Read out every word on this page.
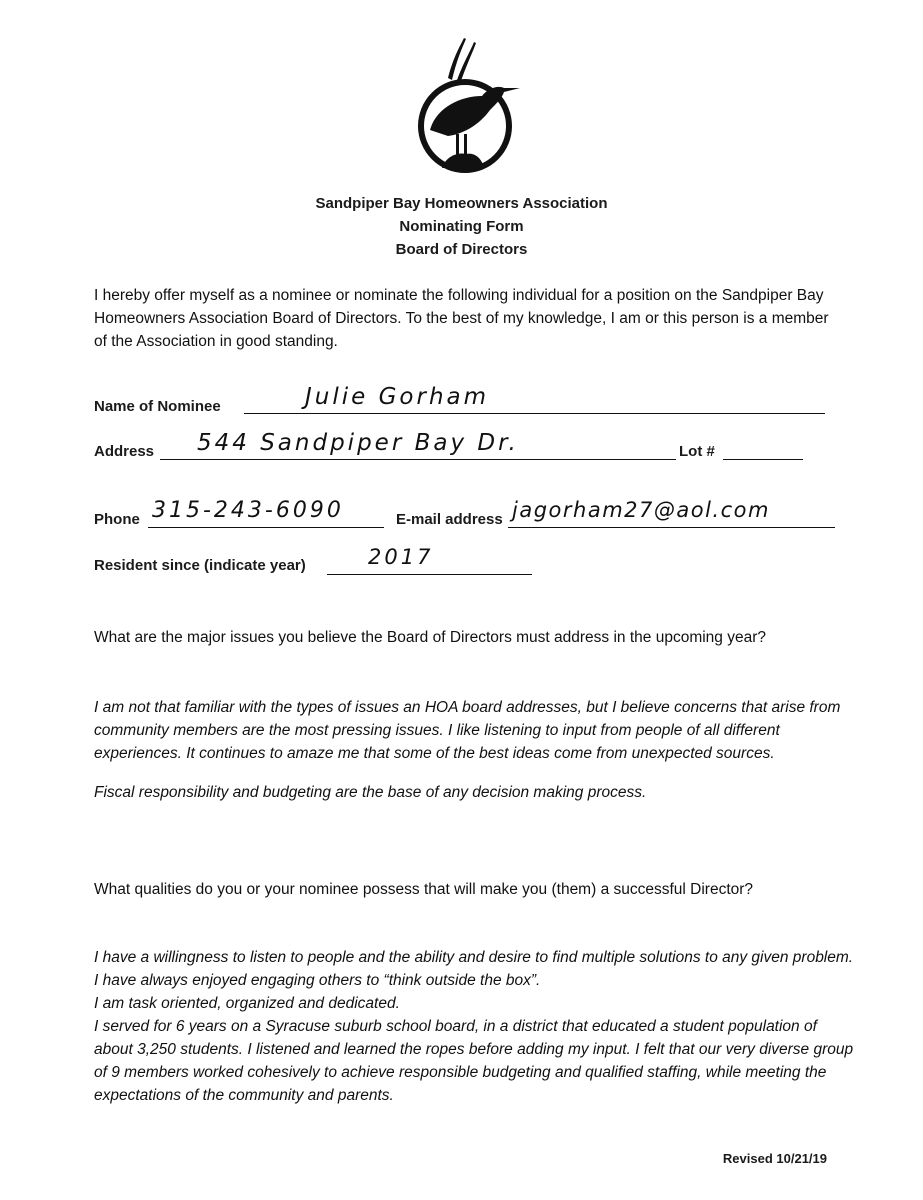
Sandpiper Bay Homeowners Association
Nominating Form
Board of Directors
I hereby offer myself as a nominee or nominate the following individual for a position on the Sandpiper Bay Homeowners Association Board of Directors. To the best of my knowledge, I am or this person is a member of the Association in good standing.
Name of Nominee	Julie Gorham
Address 544 Sandpiper Bay Dr.	Lot #
Phone 315-243-6090	E-mail address jagorham27@aol.com
Resident since (indicate year)	2017
What are the major issues you believe the Board of Directors must address in the upcoming year?

I am not that familiar with the types of issues an HOA board addresses, but I believe concerns that arise from community members are the most pressing issues. I like listening to input from people of all different experiences. It continues to amaze me that some of the best ideas come from unexpected sources.

Fiscal responsibility and budgeting are the base of any decision making process.

What qualities do you or your nominee possess that will make you (them) a successful Director?

I have a willingness to listen to people and the ability and desire to find multiple solutions to any given problem. I have always enjoyed engaging others to “think outside the box”.

I am task oriented, organized and dedicated.

I served for 6 years on a Syracuse suburb school board, in a district that educated a student population of about 3,250 students. I listened and learned the ropes before adding my input. I felt that our very diverse group of 9 members worked cohesively to achieve responsible budgeting and qualified staffing, while meeting the expectations of the community and parents.

Revised 10/21/19
